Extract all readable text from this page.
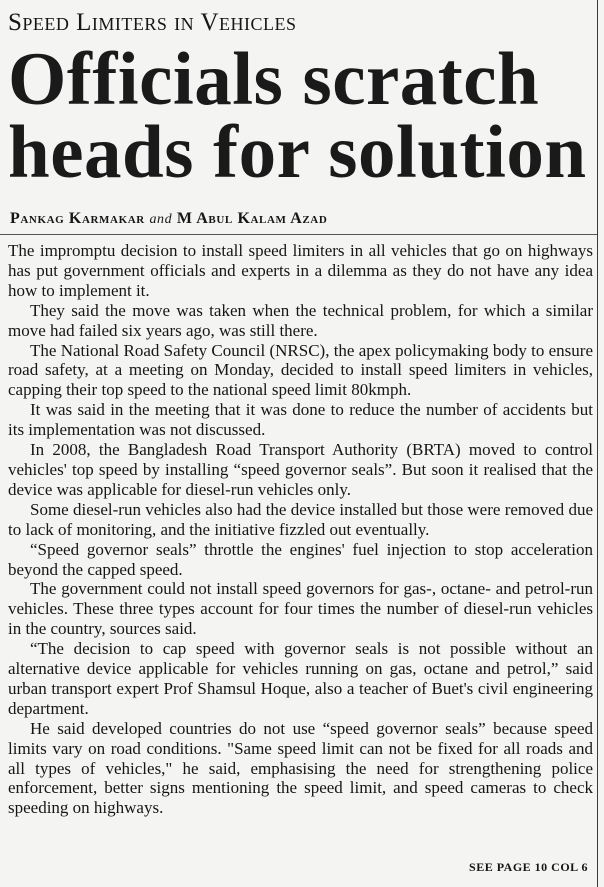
Speed Limiters in Vehicles
Officials scratch
heads for solution
Pankag Karmakar and M Abul Kalam Azad

The impromptu decision to install speed limiters in all vehicles that go on highways has put government officials and experts in a dilemma as they do not have any idea how to implement it.

They said the move was taken when the technical problem, for which a similar move had failed six years ago, was still there.

The National Road Safety Council (NRSC), the apex policymaking body to ensure road safety, at a meeting on Monday, decided to install speed limiters in vehicles, capping their top speed to the national speed limit 80kmph.

It was said in the meeting that it was done to reduce the number of accidents but its implementation was not discussed.

In 2008, the Bangladesh Road Transport Authority (BRTA) moved to control vehicles' top speed by installing “speed governor seals”. But soon it realised that the device was applicable for diesel-run vehicles only.

Some diesel-run vehicles also had the device installed but those were removed due to lack of monitoring, and the initiative fizzled out eventually.

“Speed governor seals” throttle the engines' fuel injection to stop acceleration beyond the capped speed.

The government could not install speed governors for gas-, octane- and petrol-run vehicles. These three types account for four times the number of diesel-run vehicles in the country, sources said.

“The decision to cap speed with governor seals is not possible without an alternative device applicable for vehicles running on gas, octane and petrol,” said urban transport expert Prof Shamsul Hoque, also a teacher of Buet's civil engineering department.

He said developed countries do not use “speed governor seals” because speed limits vary on road conditions. "Same speed limit can not be fixed for all roads and all types of vehicles," he said, emphasising the need for strengthening police enforcement, better signs mentioning the speed limit, and speed cameras to check speeding on highways.

SEE PAGE 10 COL 6
